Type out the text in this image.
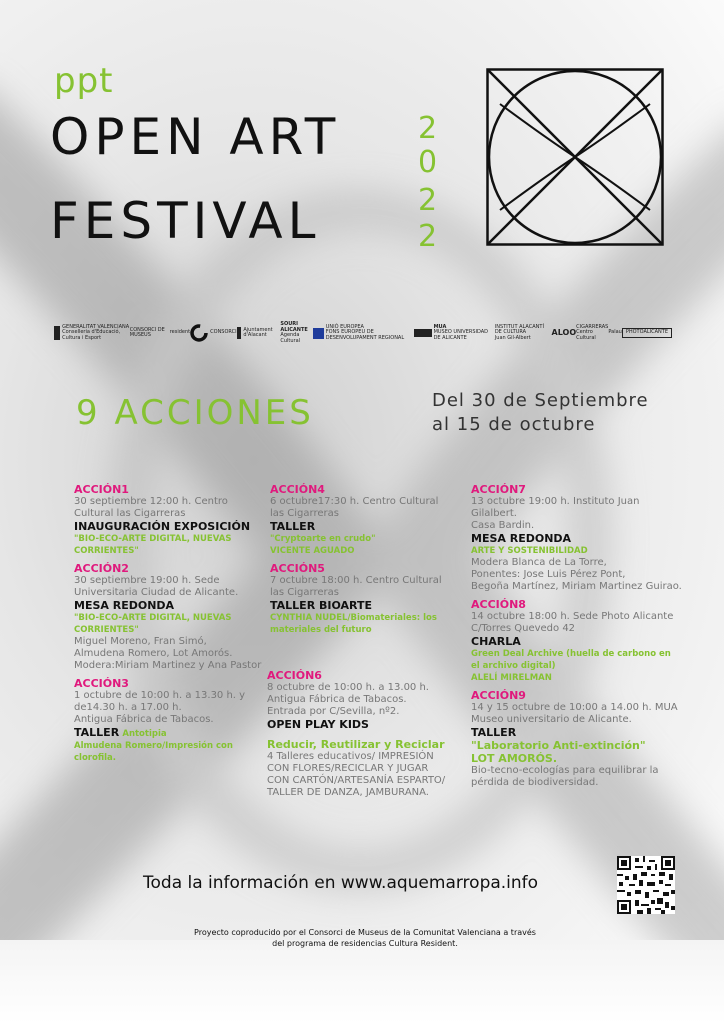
ppt
OPEN ART
FESTIVAL
2
0
2
2
GENERALITAT VALENCIANA
Conselleria d'Educació, Cultura i Esport
CONSORCI DE MUSEUS	resident	CONSORCI Ajuntament d'Alacant
SOURI ALICANTE
Agenda Cultural
UNIÓ EUROPEA
FONS EUROPEU DE DESENVOLUPAMENT REGIONAL
MUA
MUSEO UNIVERSIDAD DE ALICANTE
INSTITUT ALACANTÍ DE CULTURA
Juan Gil-Albert
ALOO
CIGARRERAS
Centro Cultural
Palau PHOTOALICANTE
9 ACCIONES	Del 30 de Septiembre
al 15 de octubre

ACCIÓN1

30 septiembre 12:00 h. Centro

Cultural las Cigarreras

INAUGURACIÓN EXPOSICIÓN

"BIO-ECO-ARTE DIGITAL, NUEVAS

CORRIENTES"

ACCIÓN2

30 septiembre 19:00 h. Sede

Universitaria Ciudad de Alicante.

MESA REDONDA

"BIO-ECO-ARTE DIGITAL, NUEVAS

CORRIENTES"

Miguel Moreno, Fran Simó,

Almudena Romero, Lot Amorós.

Modera:Miriam Martinez y Ana Pastor

ACCIÓN3

1 octubre de 10:00 h. a 13.30 h. y

de14.30 h. a 17.00 h.

Antigua Fábrica de Tabacos.

TALLER Antotipia

Almudena Romero/Impresión con

clorofila.

ACCIÓN4

6 octubre17:30 h. Centro Cultural

las Cigarreras

TALLER

"Cryptoarte en crudo"

VICENTE AGUADO

ACCIÓN5

7 octubre 18:00 h. Centro Cultural

las Cigarreras

TALLER BIOARTE

CYNTHIA NUDEL/Biomateriales: los

materiales del futuro

ACCIÓN6

8 octubre de 10:00 h. a 13.00 h.

Antigua Fábrica de Tabacos.

Entrada por C/Sevilla, nº2.

OPEN PLAY KIDS

Reducir, Reutilizar y Reciclar

4 Talleres educativos/ IMPRESIÓN

CON FLORES/RECICLAR Y JUGAR

CON CARTÓN/ARTESANÍA ESPARTO/

TALLER DE DANZA, JAMBURANA.

ACCIÓN7

13 octubre 19:00 h. Instituto Juan Gilalbert.

Casa Bardin.

MESA REDONDA

ARTE Y SOSTENIBILIDAD

Modera Blanca de La Torre,

Ponentes: Jose Luis Pérez Pont,

Begoña Martínez, Miriam Martinez Guirao.

ACCIÓN8

14 octubre 18:00 h. Sede Photo Alicante

C/Torres Quevedo 42

CHARLA

Green Deal Archive (huella de carbono en

el archivo digital)

ALELÍ MIRELMAN

ACCIÓN9

14 y 15 octubre de 10:00 a 14.00 h. MUA

Museo universitario de Alicante.

TALLER

"Laboratorio Anti-extinción"

LOT AMORÓS.

Bio-tecno-ecologías para equilibrar la

pérdida de biodiversidad.

Toda la información en www.aquemarropa.info
Proyecto coproducido por el Consorci de Museus de la Comunitat Valenciana a través
del programa de residencias Cultura Resident.
